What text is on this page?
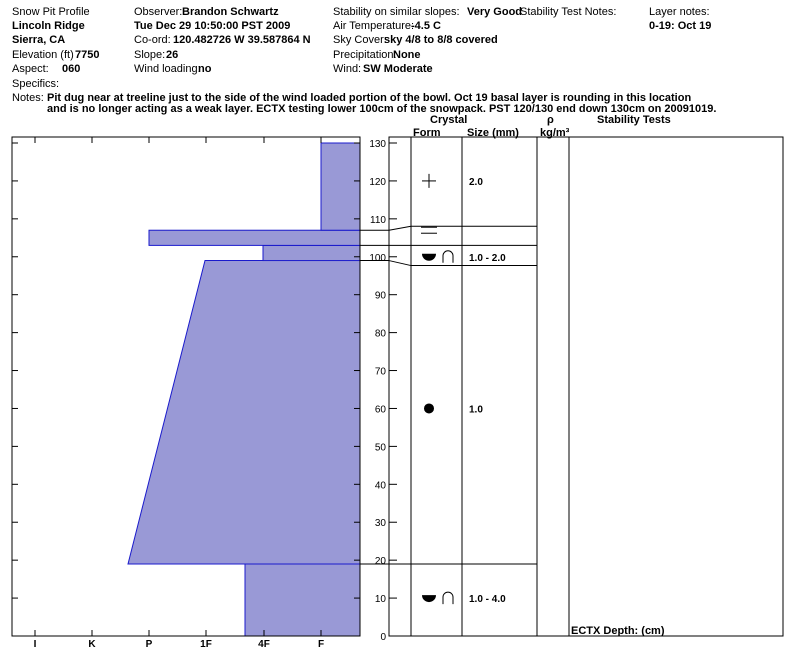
Snow Pit Profile
Lincoln Ridge
Sierra, CA
Elevation (ft) 7750
Aspect: 060
Specifics:
Observer: Brandon Schwartz
Tue Dec 29 10:50:00 PST 2009
Co-ord: 120.482726 W 39.587864 N
Slope: 26
Wind loading:
no
Stability on similar slopes: Very Good
Air Temperature:
-4.5 C
Sky Cover:
sky 4/8 to 8/8 covered
Precipitation:
None
Wind: SW Moderate
Stability Test Notes:	Layer notes:
0-19: Oct 19
Notes: Pit dug near at treeline just to the side of the wind loaded portion of the bowl. Oct 19 basal layer is rounding in this location
and is no longer acting as a weak layer. ECTX testing lower 100cm of the snowpack. PST 120/130 end down 130cm on 20091019.
Crystal
Form Size (mm)
ρ
kg/m³
Stability Tests
ECTX Depth: (cm)
I	K	P	1F	4F	F
0
10
20
30
40
50
60
70
80
90
100
110
120
130
2.0
1.0 - 2.0
1.0
1.0 - 4.0
